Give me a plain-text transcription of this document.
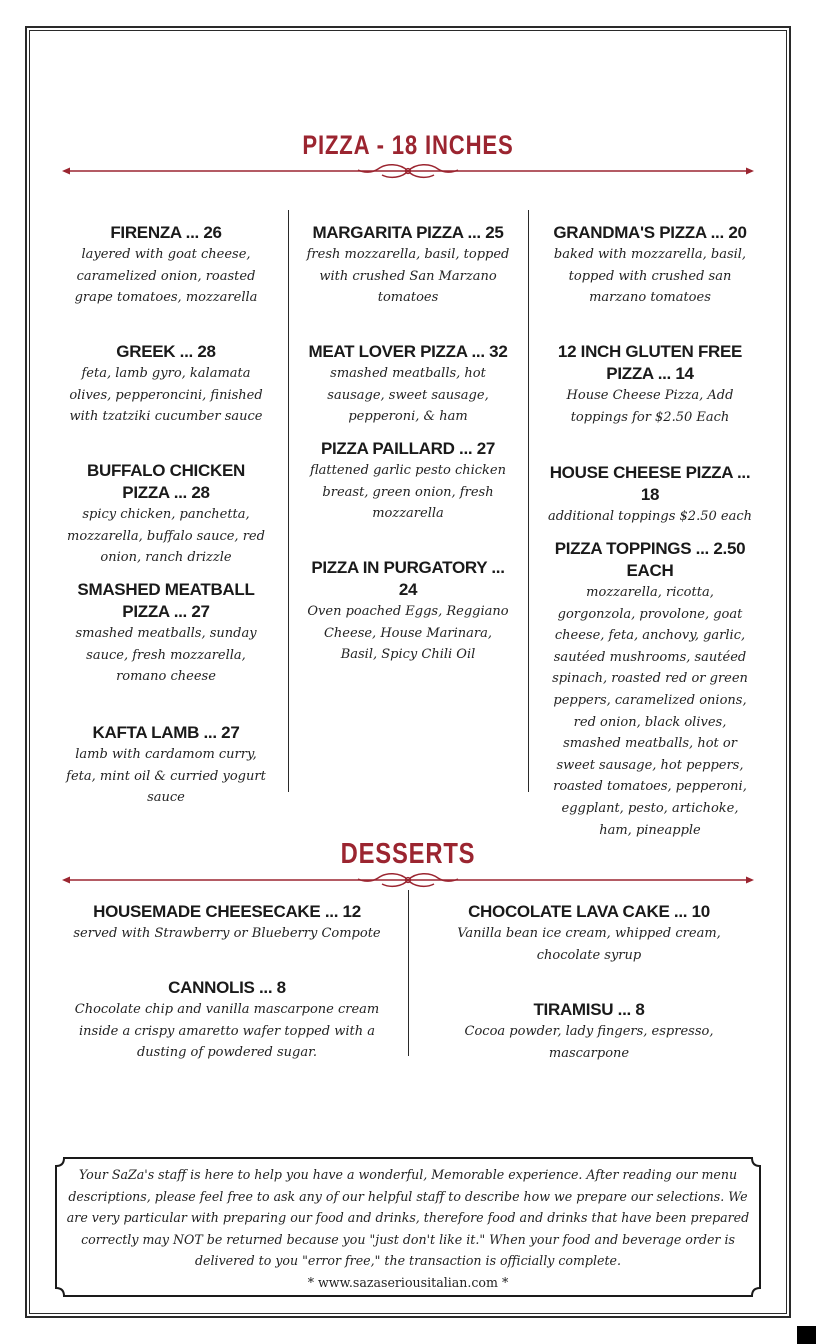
PIZZA - 18 INCHES
FIRENZA ... 26
layered with goat cheese, caramelized onion, roasted grape tomatoes, mozzarella
GREEK ... 28
feta, lamb gyro, kalamata olives, pepperoncini, finished with tzatziki cucumber sauce
BUFFALO CHICKEN PIZZA ... 28
spicy chicken, panchetta, mozzarella, buffalo sauce, red onion, ranch drizzle
SMASHED MEATBALL PIZZA ... 27
smashed meatballs, sunday sauce, fresh mozzarella, romano cheese
KAFTA LAMB ... 27
lamb with cardamom curry, feta, mint oil & curried yogurt sauce
MARGARITA PIZZA ... 25
fresh mozzarella, basil, topped with crushed San Marzano tomatoes
MEAT LOVER PIZZA ... 32
smashed meatballs, hot sausage, sweet sausage, pepperoni, & ham
PIZZA PAILLARD ... 27
flattened garlic pesto chicken breast, green onion, fresh mozzarella
PIZZA IN PURGATORY ... 24
Oven poached Eggs, Reggiano Cheese, House Marinara, Basil, Spicy Chili Oil
GRANDMA'S PIZZA ... 20
baked with mozzarella, basil, topped with crushed san marzano tomatoes
12 INCH GLUTEN FREE PIZZA ... 14
House Cheese Pizza, Add toppings for $2.50 Each
HOUSE CHEESE PIZZA ... 18
additional toppings $2.50 each
PIZZA TOPPINGS ... 2.50 EACH
mozzarella, ricotta, gorgonzola, provolone, goat cheese, feta, anchovy, garlic, sautéed mushrooms, sautéed spinach, roasted red or green peppers, caramelized onions, red onion, black olives, smashed meatballs, hot or sweet sausage, hot peppers, roasted tomatoes, pepperoni, eggplant, pesto, artichoke, ham, pineapple
DESSERTS
HOUSEMADE CHEESECAKE ... 12
served with Strawberry or Blueberry Compote
CANNOLIS ... 8
Chocolate chip and vanilla mascarpone cream inside a crispy amaretto wafer topped with a dusting of powdered sugar.
CHOCOLATE LAVA CAKE ... 10
Vanilla bean ice cream, whipped cream, chocolate syrup
TIRAMISU ... 8
Cocoa powder, lady fingers, espresso, mascarpone
Your SaZa's staff is here to help you have a wonderful, Memorable experience. After reading our menu descriptions, please feel free to ask any of our helpful staff to describe how we prepare our selections. We are very particular with preparing our food and drinks, therefore food and drinks that have been prepared correctly may NOT be returned because you "just don't like it." When your food and beverage order is delivered to you "error free," the transaction is officially complete.
* www.sazaseriousitalian.com *
